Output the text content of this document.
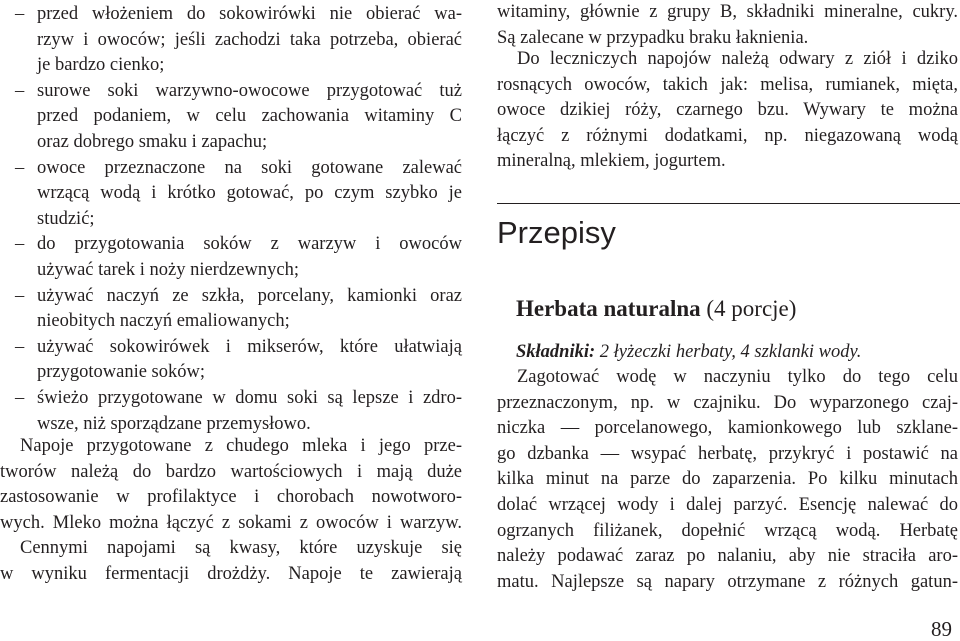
– przed włożeniem do sokowirówki nie obierać wa-
rzyw i owoców; jeśli zachodzi taka potrzeba, obierać
je bardzo cienko;
– surowe soki warzywno-owocowe przygotować tuż
przed podaniem, w celu zachowania witaminy C
oraz dobrego smaku i zapachu;
– owoce przeznaczone na soki gotowane zalewać
wrzącą wodą i krótko gotować, po czym szybko je
studzić;
– do przygotowania soków z warzyw i owoców
używać tarek i noży nierdzewnych;
– używać naczyń ze szkła, porcelany, kamionki oraz
nieobitych naczyń emaliowanych;
– używać sokowirówek i mikserów, które ułatwiają
przygotowanie soków;
– świeżo przygotowane w domu soki są lepsze i zdro-
wsze, niż sporządzane przemysłowo.
Napoje przygotowane z chudego mleka i jego prze-
tworów należą do bardzo wartościowych i mają duże
zastosowanie w profilaktyce i chorobach nowotworo-
wych. Mleko można łączyć z sokami z owoców i warzyw.
Cennymi napojami są kwasy, które uzyskuje się
w wyniku fermentacji drożdży. Napoje te zawierają
witaminy, głównie z grupy B, składniki mineralne, cukry.
Są zalecane w przypadku braku łaknienia.
Do leczniczych napojów należą odwary z ziół i dziko
rosnących owoców, takich jak: melisa, rumianek, mięta,
owoce dzikiej róży, czarnego bzu. Wywary te można
łączyć z różnymi dodatkami, np. niegazowaną wodą
mineralną, mlekiem, jogurtem.
Przepisy
Herbata naturalna (4 porcje)
Składniki: 2 łyżeczki herbaty, 4 szklanki wody.
Zagotować wodę w naczyniu tylko do tego celu
przeznaczonym, np. w czajniku. Do wyparzonego czaj-
niczka — porcelanowego, kamionkowego lub szklane-
go dzbanka — wsypać herbatę, przykryć i postawić na
kilka minut na parze do zaparzenia. Po kilku minutach
dolać wrzącej wody i dalej parzyć. Esencję nalewać do
ogrzanych filiżanek, dopełnić wrzącą wodą. Herbatę
należy podawać zaraz po nalaniu, aby nie straciła aro-
matu. Najlepsze są napary otrzymane z różnych gatun-
89
